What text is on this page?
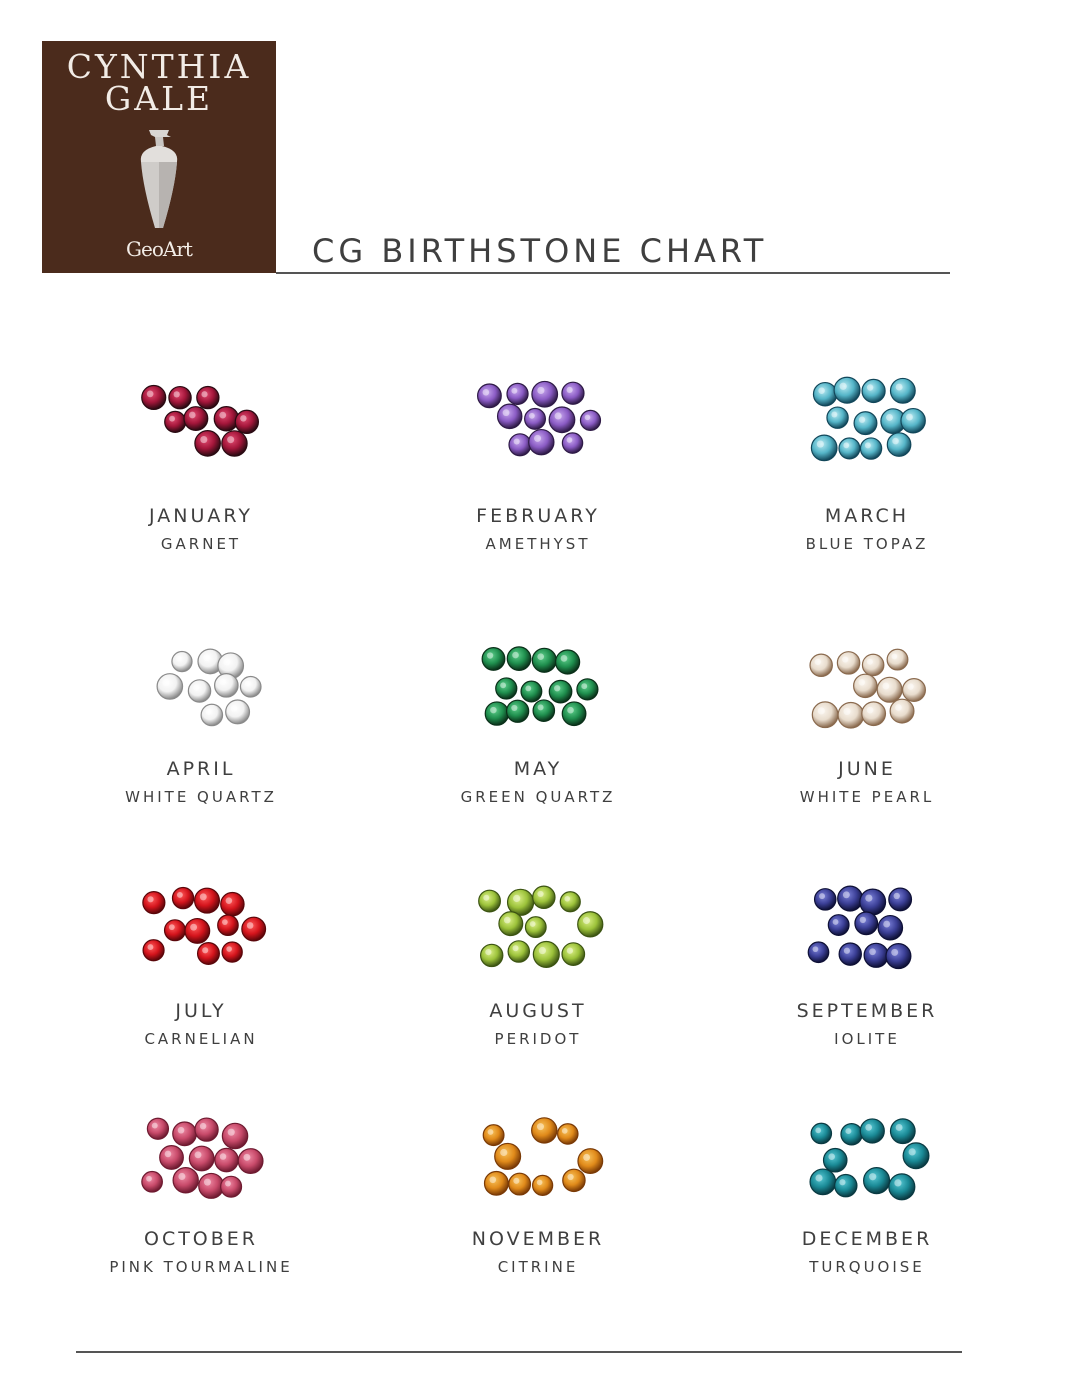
CYNTHIA
GALE
GeoArt	CG BIRTHSTONE CHART
JANUARY
GARNET
FEBRUARY
AMETHYST
MARCH
BLUE TOPAZ
APRIL
WHITE QUARTZ
MAY
GREEN QUARTZ
JUNE
WHITE PEARL
JULY
CARNELIAN
AUGUST
PERIDOT
SEPTEMBER
IOLITE
OCTOBER
PINK TOURMALINE
NOVEMBER
CITRINE
DECEMBER
TURQUOISE
